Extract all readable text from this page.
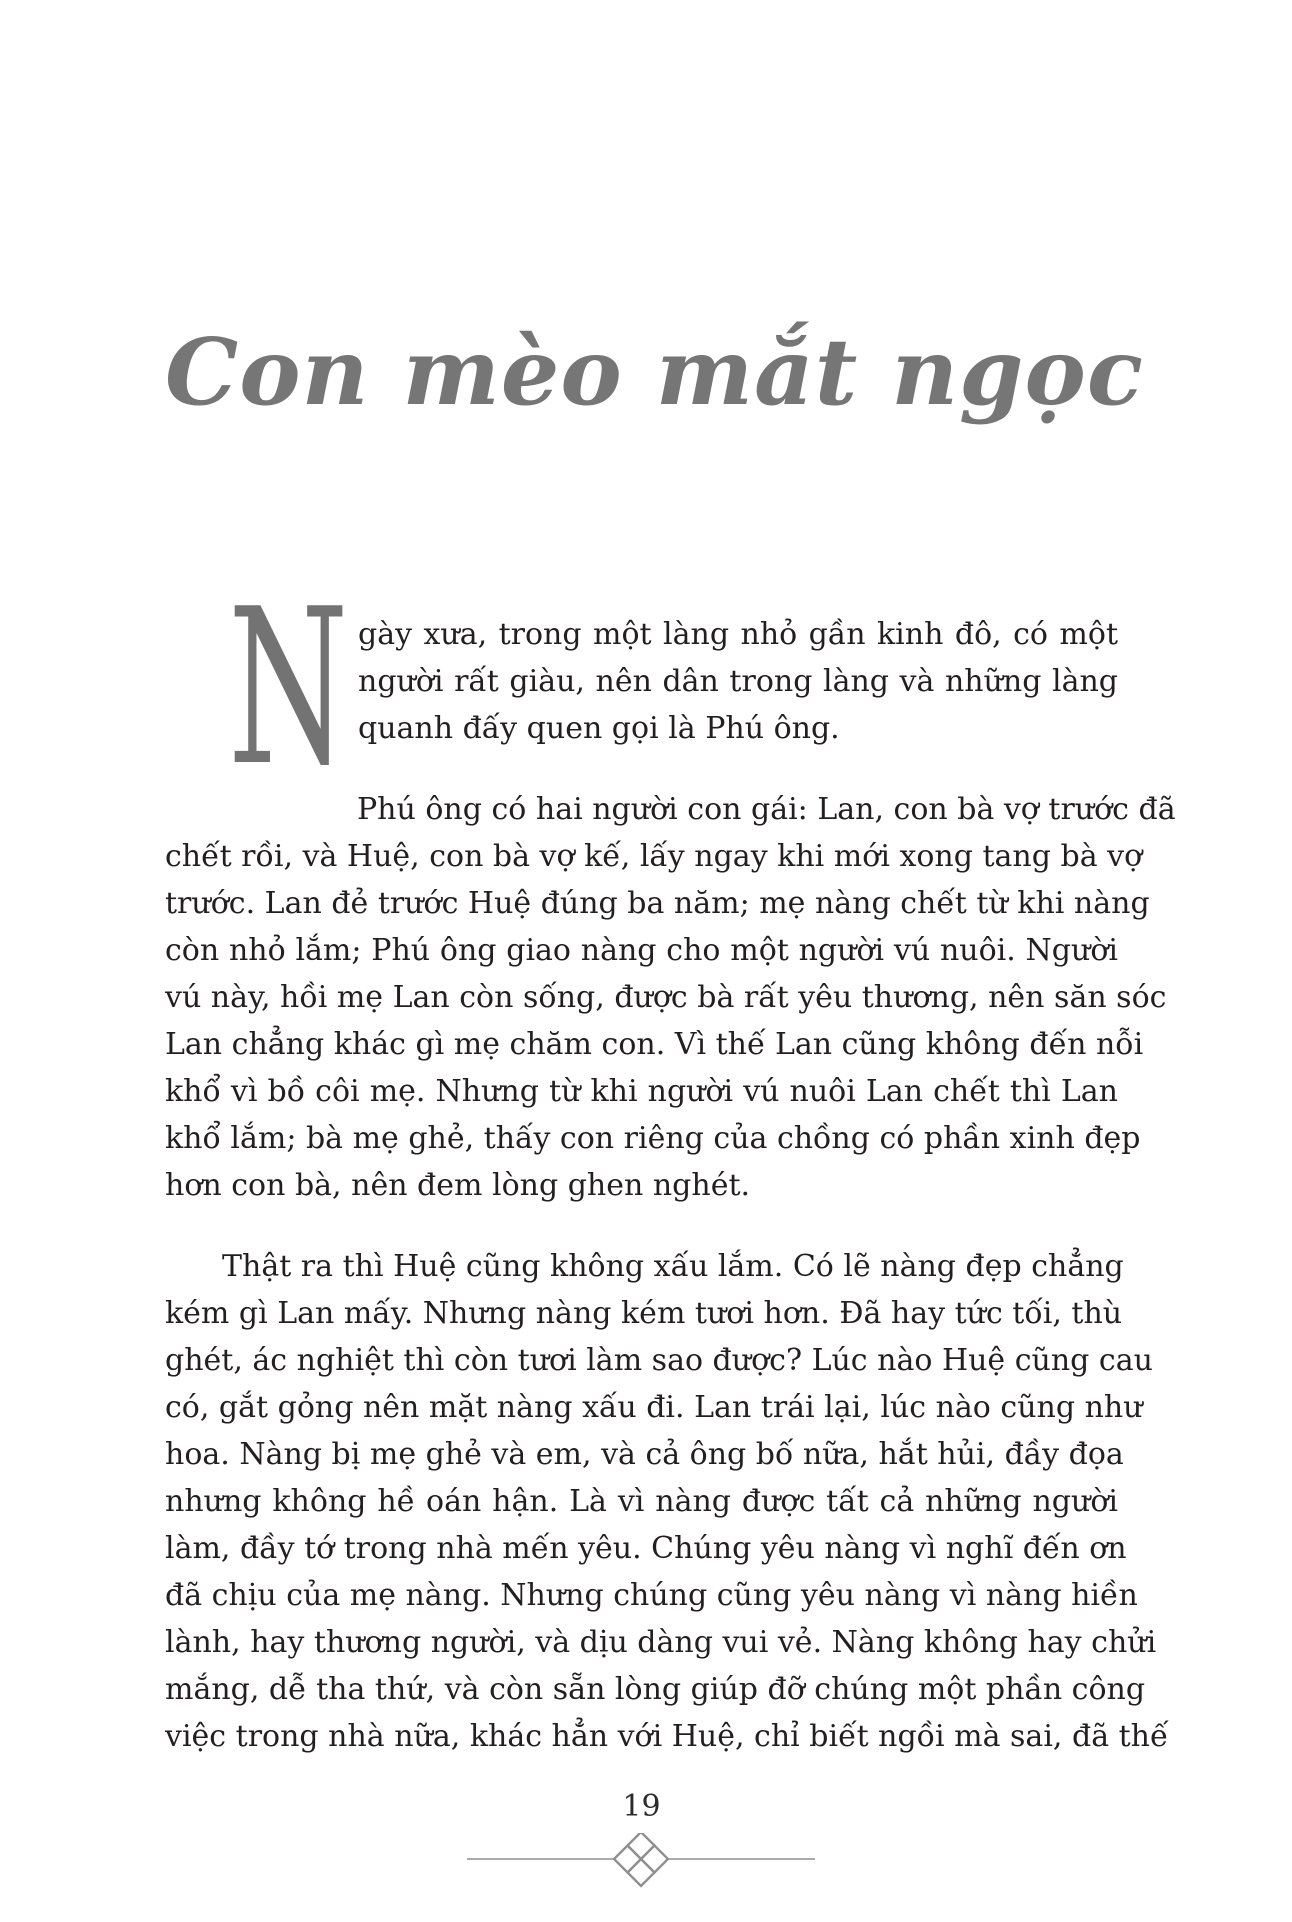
Con mèo mắt ngọc
N gày xưa, trong một làng nhỏ gần kinh đô, có một
người rất giàu, nên dân trong làng và những làng
quanh đấy quen gọi là Phú ông.
Phú ông có hai người con gái: Lan, con bà vợ trước đã
chết rồi, và Huệ, con bà vợ kế, lấy ngay khi mới xong tang bà vợ
trước. Lan đẻ trước Huệ đúng ba năm; mẹ nàng chết từ khi nàng
còn nhỏ lắm; Phú ông giao nàng cho một người vú nuôi. Người
vú này, hồi mẹ Lan còn sống, được bà rất yêu thương, nên săn sóc
Lan chẳng khác gì mẹ chăm con. Vì thế Lan cũng không đến nỗi
khổ vì bồ côi mẹ. Nhưng từ khi người vú nuôi Lan chết thì Lan
khổ lắm; bà mẹ ghẻ, thấy con riêng của chồng có phần xinh đẹp
hơn con bà, nên đem lòng ghen nghét.
Thật ra thì Huệ cũng không xấu lắm. Có lẽ nàng đẹp chẳng
kém gì Lan mấy. Nhưng nàng kém tươi hơn. Đã hay tức tối, thù
ghét, ác nghiệt thì còn tươi làm sao được? Lúc nào Huệ cũng cau
có, gắt gỏng nên mặt nàng xấu đi. Lan trái lại, lúc nào cũng như
hoa. Nàng bị mẹ ghẻ và em, và cả ông bố nữa, hắt hủi, đầy đọa
nhưng không hề oán hận. Là vì nàng được tất cả những người
làm, đầy tớ trong nhà mến yêu. Chúng yêu nàng vì nghĩ đến ơn
đã chịu của mẹ nàng. Nhưng chúng cũng yêu nàng vì nàng hiền
lành, hay thương người, và dịu dàng vui vẻ. Nàng không hay chửi
mắng, dễ tha thứ, và còn sẵn lòng giúp đỡ chúng một phần công
việc trong nhà nữa, khác hẳn với Huệ, chỉ biết ngồi mà sai, đã thế
19
